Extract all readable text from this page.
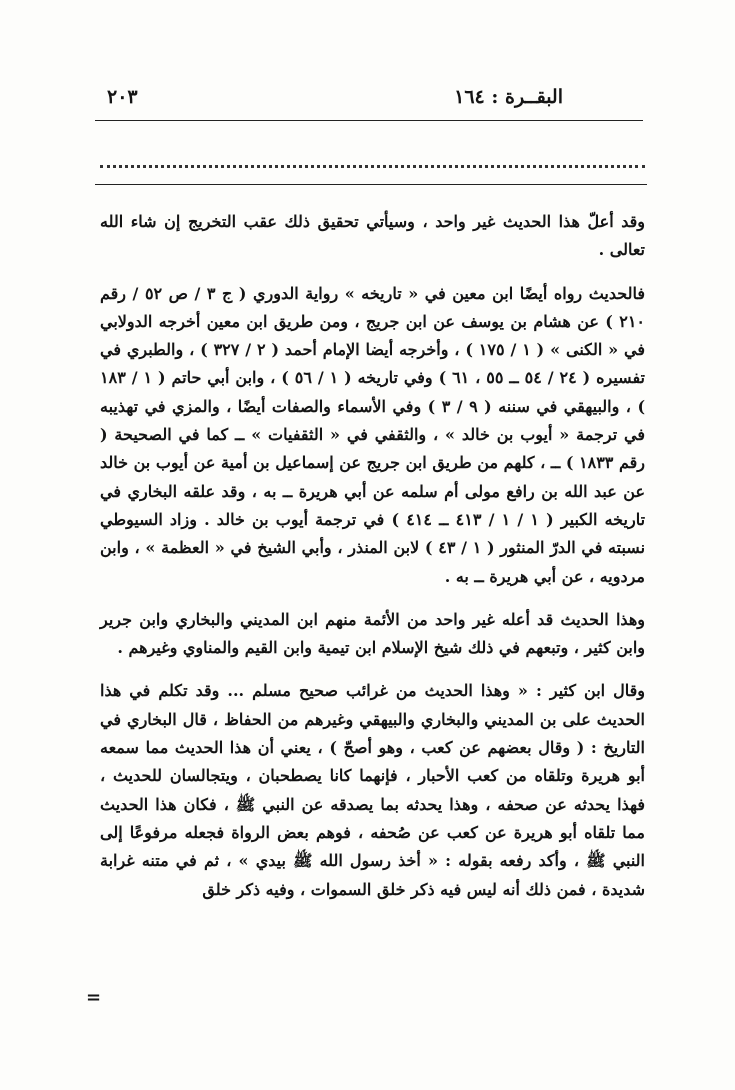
البقــرة : ١٦٤
٢٠٣

وقد أعلّ هذا الحديث غير واحد ، وسيأتي تحقيق ذلك عقب التخريج إن شاء الله تعالى .

فالحديث رواه أيضًا ابن معين في « تاريخه » رواية الدوري ( ج ٣ / ص ٥٢ / رقم ٢١٠ ) عن هشام بن يوسف عن ابن جريج ، ومن طريق ابن معين أخرجه الدولابي في « الكنى » ( ١ / ١٧٥ ) ، وأخرجه أيضا الإمام أحمد ( ٢ / ٣٢٧ ) ، والطبري في تفسيره ( ٢٤ / ٥٤ ــ ٥٥ ، ٦١ ) وفي تاريخه ( ١ / ٥٦ ) ، وابن أبي حاتم ( ١ / ١٨٣ ) ، والبيهقي في سننه ( ٩ / ٣ ) وفي الأسماء والصفات أيضًا ، والمزي في تهذيبه في ترجمة « أيوب بن خالد » ، والثقفي في « الثقفيات » ــ كما في الصحيحة ( رقم ١٨٣٣ ) ــ ، كلهم من طريق ابن جريج عن إسماعيل بن أمية عن أيوب بن خالد عن عبد الله بن رافع مولى أم سلمه عن أبي هريرة ــ به ، وقد علقه البخاري في تاريخه الكبير ( ١ / ١ / ٤١٣ ــ ٤١٤ ) في ترجمة أيوب بن خالد . وزاد السيوطي نسبته في الدرّ المنثور ( ١ / ٤٣ ) لابن المنذر ، وأبي الشيخ في « العظمة » ، وابن مردويه ، عن أبي هريرة ــ به .

وهذا الحديث قد أعله غير واحد من الأئمة منهم ابن المديني والبخاري وابن جرير وابن كثير ، وتبعهم في ذلك شيخ الإسلام ابن تيمية وابن القيم والمناوي وغيرهم .

وقال ابن كثير : « وهذا الحديث من غرائب صحيح مسلم ... وقد تكلم في هذا الحديث على بن المديني والبخاري والبيهقي وغيرهم من الحفاظ ، قال البخاري في التاريخ : ( وقال بعضهم عن كعب ، وهو أصحّ ) ، يعني أن هذا الحديث مما سمعه أبو هريرة وتلقاه من كعب الأحبار ، فإنهما كانا يصطحبان ، ويتجالسان للحديث ، فهذا يحدثه عن صحفه ، وهذا يحدثه بما يصدقه عن النبي ﷺ ، فكان هذا الحديث مما تلقاه أبو هريرة عن كعب عن صُحفه ، فوهم بعض الرواة فجعله مرفوعًا إلى النبي ﷺ ، وأكد رفعه بقوله : « أخذ رسول الله ﷺ بيدي » ، ثم في متنه غرابة شديدة ، فمن ذلك أنه ليس فيه ذكر خلق السموات ، وفيه ذكر خلق

=
